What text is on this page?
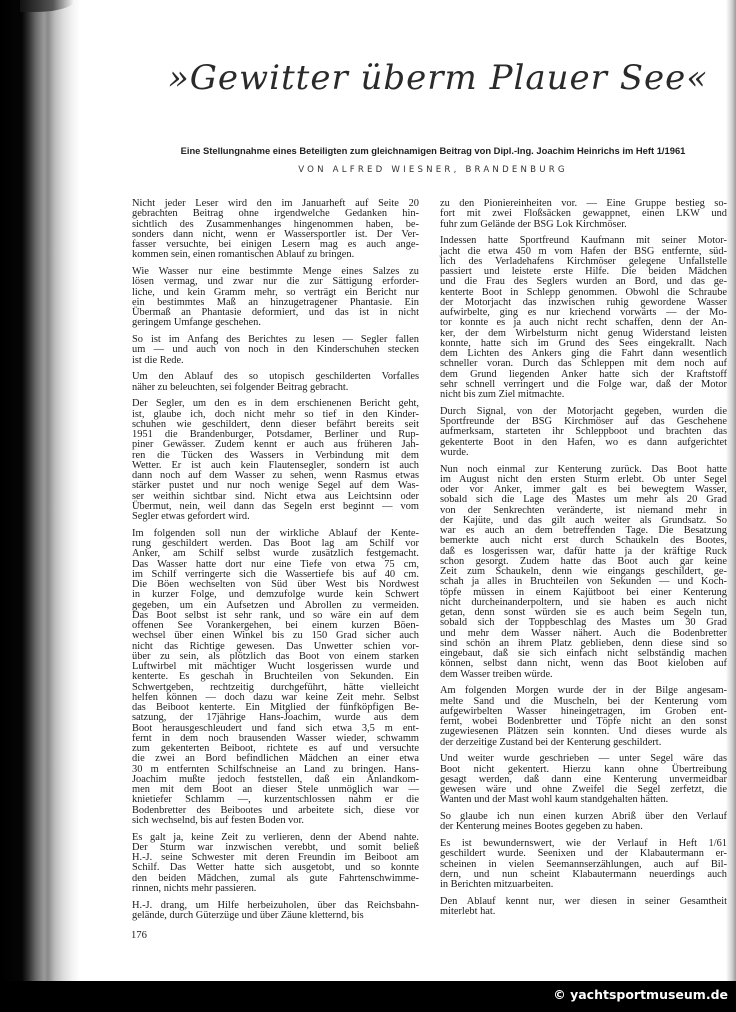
»Gewitter überm Plauer See«
Eine Stellungnahme eines Beteiligten zum gleichnamigen Beitrag von Dipl.-Ing. Joachim Heinrichs im Heft 1/1961
VON ALFRED WIESNER, BRANDENBURG
Nicht jeder Leser wird den im Januarheft auf Seite 20
gebrachten Beitrag ohne irgendwelche Gedanken hin-
sichtlich des Zusammenhanges hingenommen haben, be-
sonders dann nicht, wenn er Wassersportler ist. Der Ver-
fasser versuchte, bei einigen Lesern mag es auch ange-
kommen sein, einen romantischen Ablauf zu bringen.
Wie Wasser nur eine bestimmte Menge eines Salzes zu
lösen vermag, und zwar nur die zur Sättigung erforder-
liche, und kein Gramm mehr, so verträgt ein Bericht nur
ein bestimmtes Maß an hinzugetragener Phantasie. Ein
Übermaß an Phantasie deformiert, und das ist in nicht
geringem Umfange geschehen.
So ist im Anfang des Berichtes zu lesen — Segler fallen
um — und auch von noch in den Kinderschuhen stecken
ist die Rede.
Um den Ablauf des so utopisch geschilderten Vorfalles
näher zu beleuchten, sei folgender Beitrag gebracht.
Der Segler, um den es in dem erschienenen Bericht geht,
ist, glaube ich, doch nicht mehr so tief in den Kinder-
schuhen wie geschildert, denn dieser befährt bereits seit
1951 die Brandenburger, Potsdamer, Berliner und Rup-
piner Gewässer. Zudem kennt er auch aus früheren Jah-
ren die Tücken des Wassers in Verbindung mit dem
Wetter. Er ist auch kein Flautensegler, sondern ist auch
dann noch auf dem Wasser zu sehen, wenn Rasmus etwas
stärker pustet und nur noch wenige Segel auf dem Was-
ser weithin sichtbar sind. Nicht etwa aus Leichtsinn oder
Übermut, nein, weil dann das Segeln erst beginnt — vom
Segler etwas gefordert wird.
Im folgenden soll nun der wirkliche Ablauf der Kente-
rung geschildert werden. Das Boot lag am Schilf vor
Anker, am Schilf selbst wurde zusätzlich festgemacht.
Das Wasser hatte dort nur eine Tiefe von etwa 75 cm,
im Schilf verringerte sich die Wassertiefe bis auf 40 cm.
Die Böen wechselten von Süd über West bis Nordwest
in kurzer Folge, und demzufolge wurde kein Schwert
gegeben, um ein Aufsetzen und Abrollen zu vermeiden.
Das Boot selbst ist sehr rank, und so wäre ein auf dem
offenen See Vorankergehen, bei einem kurzen Böen-
wechsel über einen Winkel bis zu 150 Grad sicher auch
nicht das Richtige gewesen. Das Unwetter schien vor-
über zu sein, als plötzlich das Boot von einem starken
Luftwirbel mit mächtiger Wucht losgerissen wurde und
kenterte. Es geschah in Bruchteilen von Sekunden. Ein
Schwertgeben, rechtzeitig durchgeführt, hätte vielleicht
helfen können — doch dazu war keine Zeit mehr. Selbst
das Beiboot kenterte. Ein Mitglied der fünfköpfigen Be-
satzung, der 17jährige Hans-Joachim, wurde aus dem
Boot herausgeschleudert und fand sich etwa 3,5 m ent-
fernt in dem noch brausenden Wasser wieder, schwamm
zum gekenterten Beiboot, richtete es auf und versuchte
die zwei an Bord befindlichen Mädchen an einer etwa
30 m entfernten Schilfschneise an Land zu bringen. Hans-
Joachim mußte jedoch feststellen, daß ein Anlandkom-
men mit dem Boot an dieser Stele unmöglich war —
knietiefer Schlamm —, kurzentschlossen nahm er die
Bodenbretter des Beibootes und arbeitete sich, diese vor
sich wechselnd, bis auf festen Boden vor.
Es galt ja, keine Zeit zu verlieren, denn der Abend nahte.
Der Sturm war inzwischen verebbt, und somit beließ
H.-J. seine Schwester mit deren Freundin im Beiboot am
Schilf. Das Wetter hatte sich ausgetobt, und so konnte
den beiden Mädchen, zumal als gute Fahrtenschwimme-
rinnen, nichts mehr passieren.
H.-J. drang, um Hilfe herbeizuholen, über das Reichsbahn-
gelände, durch Güterzüge und über Zäune kletternd, bis
zu den Pioniereinheiten vor. — Eine Gruppe bestieg so-
fort mit zwei Floßsäcken gewappnet, einen LKW und
fuhr zum Gelände der BSG Lok Kirchmöser.
Indessen hatte Sportfreund Kaufmann mit seiner Motor-
jacht die etwa 450 m vom Hafen der BSG entfernte, süd-
lich des Verladehafens Kirchmöser gelegene Unfallstelle
passiert und leistete erste Hilfe. Die beiden Mädchen
und die Frau des Seglers wurden an Bord, und das ge-
kenterte Boot in Schlepp genommen. Obwohl die Schraube
der Motorjacht das inzwischen ruhig gewordene Wasser
aufwirbelte, ging es nur kriechend vorwärts — der Mo-
tor konnte es ja auch nicht recht schaffen, denn der An-
ker, der dem Wirbelsturm nicht genug Widerstand leisten
konnte, hatte sich im Grund des Sees eingekrallt. Nach
dem Lichten des Ankers ging die Fahrt dann wesentlich
schneller voran. Durch das Schleppen mit dem noch auf
dem Grund liegenden Anker hatte sich der Kraftstoff
sehr schnell verringert und die Folge war, daß der Motor
nicht bis zum Ziel mitmachte.
Durch Signal, von der Motorjacht gegeben, wurden die
Sportfreunde der BSG Kirchmöser auf das Geschehene
aufmerksam, starteten ihr Schleppboot und brachten das
gekenterte Boot in den Hafen, wo es dann aufgerichtet
wurde.
Nun noch einmal zur Kenterung zurück. Das Boot hatte
im August nicht den ersten Sturm erlebt. Ob unter Segel
oder vor Anker, immer galt es bei bewegtem Wasser,
sobald sich die Lage des Mastes um mehr als 20 Grad
von der Senkrechten veränderte, ist niemand mehr in
der Kajüte, und das gilt auch weiter als Grundsatz. So
war es auch an dem betreffenden Tage. Die Besatzung
bemerkte auch nicht erst durch Schaukeln des Bootes,
daß es losgerissen war, dafür hatte ja der kräftige Ruck
schon gesorgt. Zudem hatte das Boot auch gar keine
Zeit zum Schaukeln, denn wie eingangs geschildert, ge-
schah ja alles in Bruchteilen von Sekunden — und Koch-
töpfe müssen in einem Kajütboot bei einer Kenterung
nicht durcheinanderpoltern, und sie haben es auch nicht
getan, denn sonst würden sie es auch beim Segeln tun,
sobald sich der Toppbeschlag des Mastes um 30 Grad
und mehr dem Wasser nähert. Auch die Bodenbretter
sind schön an ihrem Platz geblieben, denn diese sind so
eingebaut, daß sie sich einfach nicht selbständig machen
können, selbst dann nicht, wenn das Boot kieloben auf
dem Wasser treiben würde.
Am folgenden Morgen wurde der in der Bilge angesam-
melte Sand und die Muscheln, bei der Kenterung vom
aufgewirbelten Wasser hineingetragen, im Groben ent-
fernt, wobei Bodenbretter und Töpfe nicht an den sonst
zugewiesenen Plätzen sein konnten. Und dieses wurde als
der derzeitige Zustand bei der Kenterung geschildert.
Und weiter wurde geschrieben — unter Segel wäre das
Boot nicht gekentert. Hierzu kann ohne Übertreibung
gesagt werden, daß dann eine Kenterung unvermeidbar
gewesen wäre und ohne Zweifel die Segel zerfetzt, die
Wanten und der Mast wohl kaum standgehalten hätten.
So glaube ich nun einen kurzen Abriß über den Verlauf
der Kenterung meines Bootes gegeben zu haben.
Es ist bewundernswert, wie der Verlauf in Heft 1/61
geschildert wurde. Seenixen und der Klabautermann er-
scheinen in vielen Seemannserzählungen, auch auf Bil-
dern, und nun scheint Klabautermann neuerdings auch
in Berichten mitzuarbeiten.
Den Ablauf kennt nur, wer diesen in seiner Gesamtheit
miterlebt hat.
176
© yachtsportmuseum.de
